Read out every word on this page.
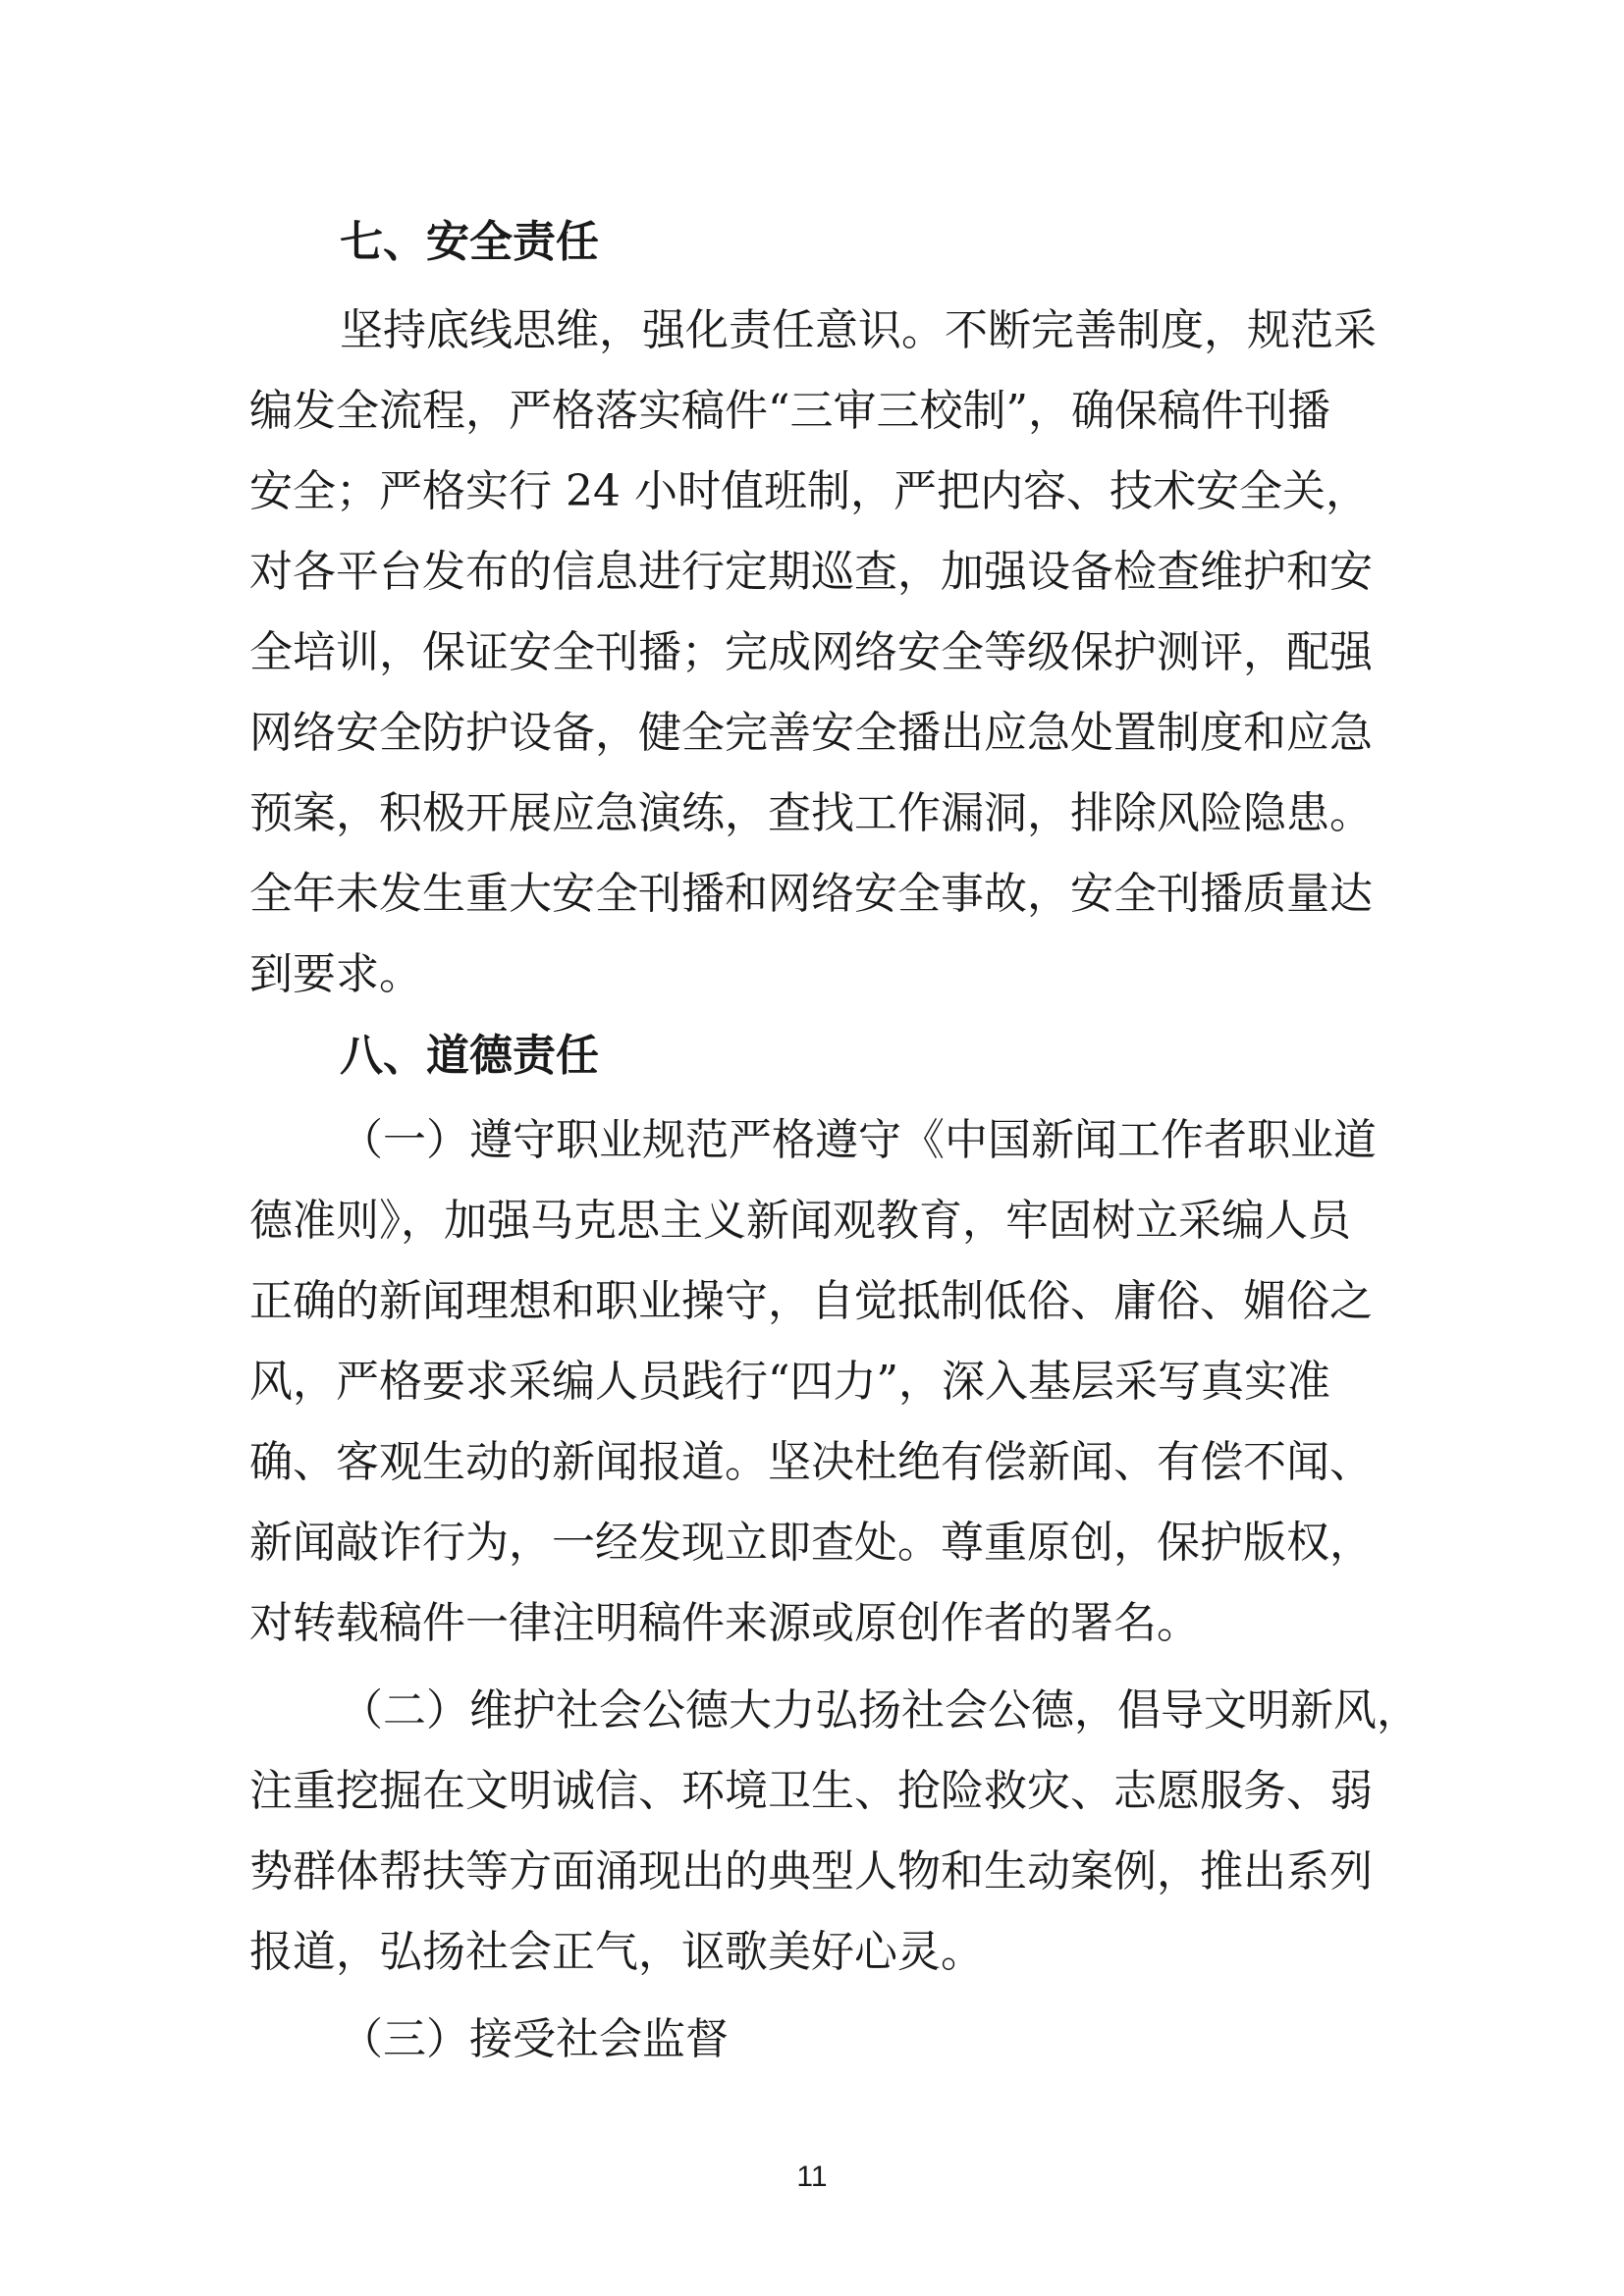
七、安全责任
坚持底线思维，强化责任意识。不断完善制度，规范采
编发全流程，严格落实稿件“三审三校制”，确保稿件刊播
安全；严格实行 24 小时值班制，严把内容、技术安全关，
对各平台发布的信息进行定期巡查，加强设备检查维护和安
全培训，保证安全刊播；完成网络安全等级保护测评，配强
网络安全防护设备，健全完善安全播出应急处置制度和应急
预案，积极开展应急演练，查找工作漏洞，排除风险隐患。
全年未发生重大安全刊播和网络安全事故，安全刊播质量达
到要求。
八、道德责任
（一）遵守职业规范严格遵守《中国新闻工作者职业道
德准则》，加强马克思主义新闻观教育，牢固树立采编人员
正确的新闻理想和职业操守，自觉抵制低俗、庸俗、媚俗之
风，严格要求采编人员践行“四力”，深入基层采写真实准
确、客观生动的新闻报道。坚决杜绝有偿新闻、有偿不闻、
新闻敲诈行为，一经发现立即查处。尊重原创，保护版权，
对转载稿件一律注明稿件来源或原创作者的署名。
（二）维护社会公德大力弘扬社会公德，倡导文明新风，
注重挖掘在文明诚信、环境卫生、抢险救灾、志愿服务、弱
势群体帮扶等方面涌现出的典型人物和生动案例，推出系列
报道，弘扬社会正气，讴歌美好心灵。
（三）接受社会监督
11
